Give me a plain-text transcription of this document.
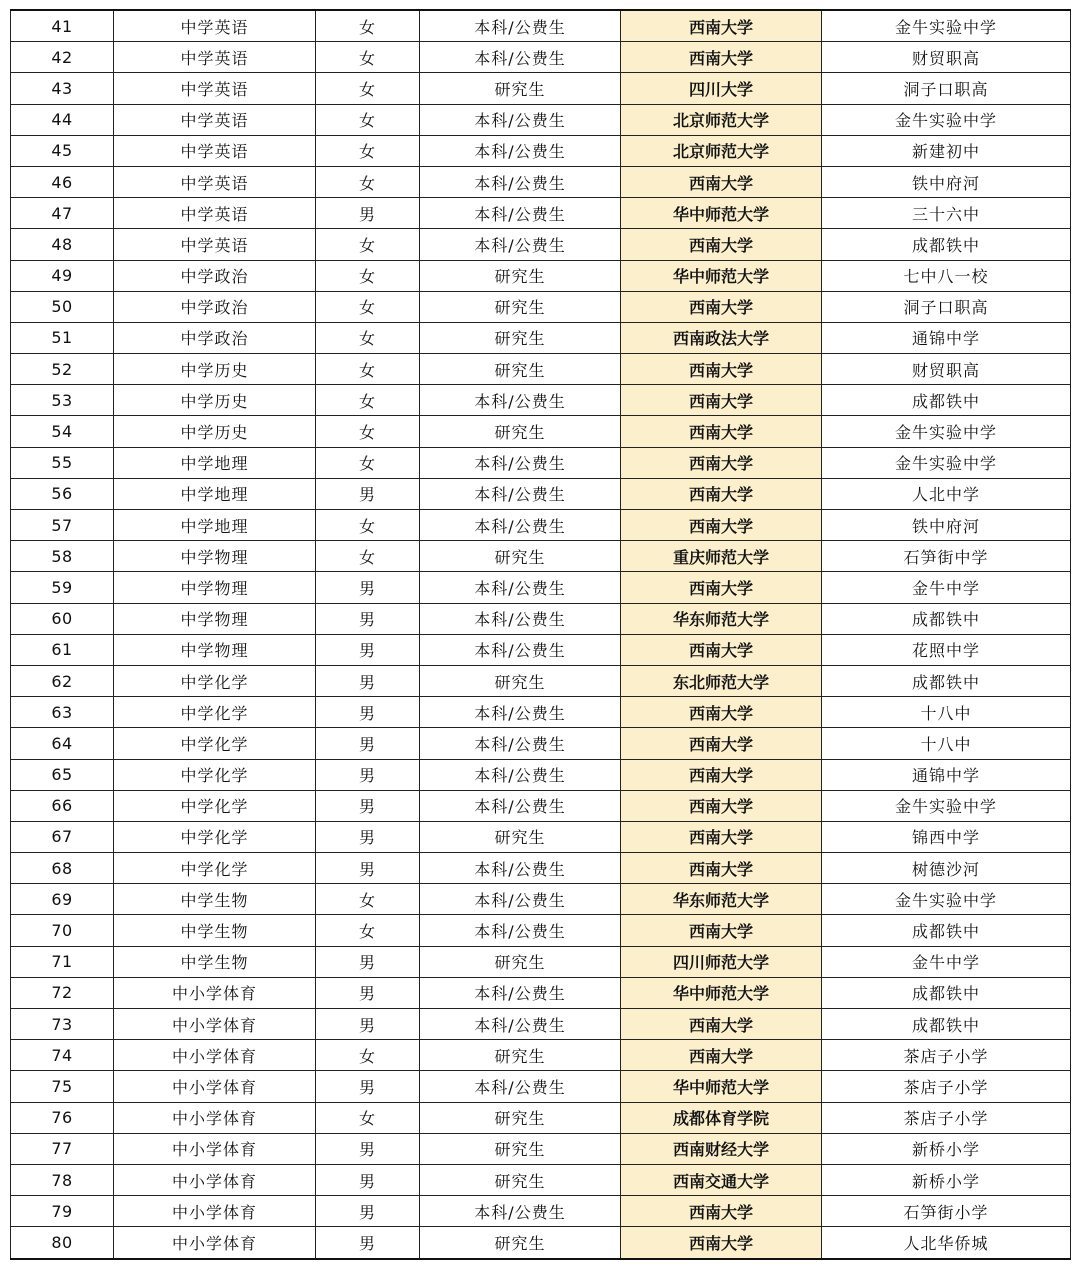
41	中学英语	女	本科/公费生	西南大学	金牛实验中学
42	中学英语	女	本科/公费生	西南大学	财贸职高
43	中学英语	女	研究生	四川大学	洞子口职高
44	中学英语	女	本科/公费生	北京师范大学	金牛实验中学
45	中学英语	女	本科/公费生	北京师范大学	新建初中
46	中学英语	女	本科/公费生	西南大学	铁中府河
47	中学英语	男	本科/公费生	华中师范大学	三十六中
48	中学英语	女	本科/公费生	西南大学	成都铁中
49	中学政治	女	研究生	华中师范大学	七中八一校
50	中学政治	女	研究生	西南大学	洞子口职高
51	中学政治	女	研究生	西南政法大学	通锦中学
52	中学历史	女	研究生	西南大学	财贸职高
53	中学历史	女	本科/公费生	西南大学	成都铁中
54	中学历史	女	研究生	西南大学	金牛实验中学
55	中学地理	女	本科/公费生	西南大学	金牛实验中学
56	中学地理	男	本科/公费生	西南大学	人北中学
57	中学地理	女	本科/公费生	西南大学	铁中府河
58	中学物理	女	研究生	重庆师范大学	石笋街中学
59	中学物理	男	本科/公费生	西南大学	金牛中学
60	中学物理	男	本科/公费生	华东师范大学	成都铁中
61	中学物理	男	本科/公费生	西南大学	花照中学
62	中学化学	男	研究生	东北师范大学	成都铁中
63	中学化学	男	本科/公费生	西南大学	十八中
64	中学化学	男	本科/公费生	西南大学	十八中
65	中学化学	男	本科/公费生	西南大学	通锦中学
66	中学化学	男	本科/公费生	西南大学	金牛实验中学
67	中学化学	男	研究生	西南大学	锦西中学
68	中学化学	男	本科/公费生	西南大学	树德沙河
69	中学生物	女	本科/公费生	华东师范大学	金牛实验中学
70	中学生物	女	本科/公费生	西南大学	成都铁中
71	中学生物	男	研究生	四川师范大学	金牛中学
72	中小学体育	男	本科/公费生	华中师范大学	成都铁中
73	中小学体育	男	本科/公费生	西南大学	成都铁中
74	中小学体育	女	研究生	西南大学	茶店子小学
75	中小学体育	男	本科/公费生	华中师范大学	茶店子小学
76	中小学体育	女	研究生	成都体育学院	茶店子小学
77	中小学体育	男	研究生	西南财经大学	新桥小学
78	中小学体育	男	研究生	西南交通大学	新桥小学
79	中小学体育	男	本科/公费生	西南大学	石笋街小学
80	中小学体育	男	研究生	西南大学	人北华侨城
